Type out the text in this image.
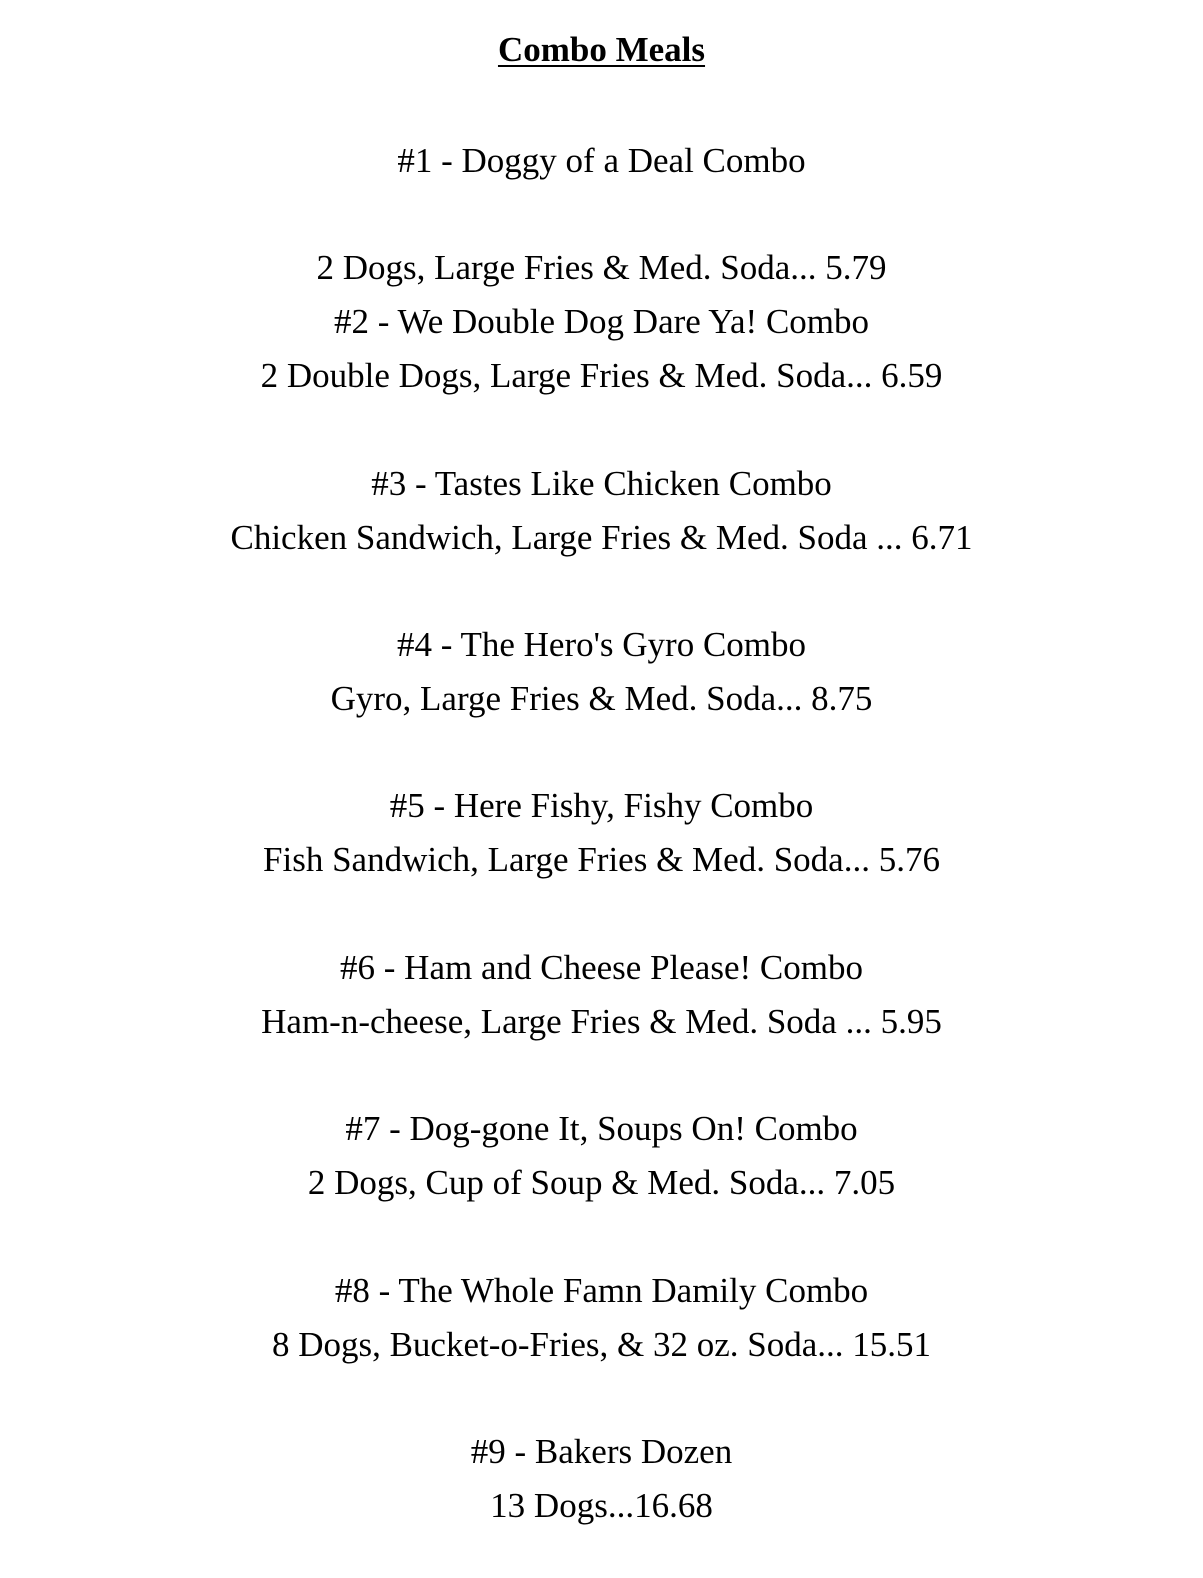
Combo Meals
#1 - Doggy of a Deal Combo
2 Dogs, Large Fries & Med. Soda... 5.79
#2 - We Double Dog Dare Ya! Combo
2 Double Dogs, Large Fries & Med. Soda... 6.59
#3 - Tastes Like Chicken Combo
Chicken Sandwich, Large Fries & Med. Soda ... 6.71
#4 - The Hero's Gyro Combo
Gyro, Large Fries & Med. Soda... 8.75
#5 - Here Fishy, Fishy Combo
Fish Sandwich, Large Fries & Med. Soda... 5.76
#6 - Ham and Cheese Please! Combo
Ham-n-cheese, Large Fries & Med. Soda ... 5.95
#7 - Dog-gone It, Soups On! Combo
2 Dogs, Cup of Soup & Med. Soda... 7.05
#8 - The Whole Famn Damily Combo
8 Dogs, Bucket-o-Fries, & 32 oz. Soda... 15.51
#9 - Bakers Dozen
13 Dogs...16.68
